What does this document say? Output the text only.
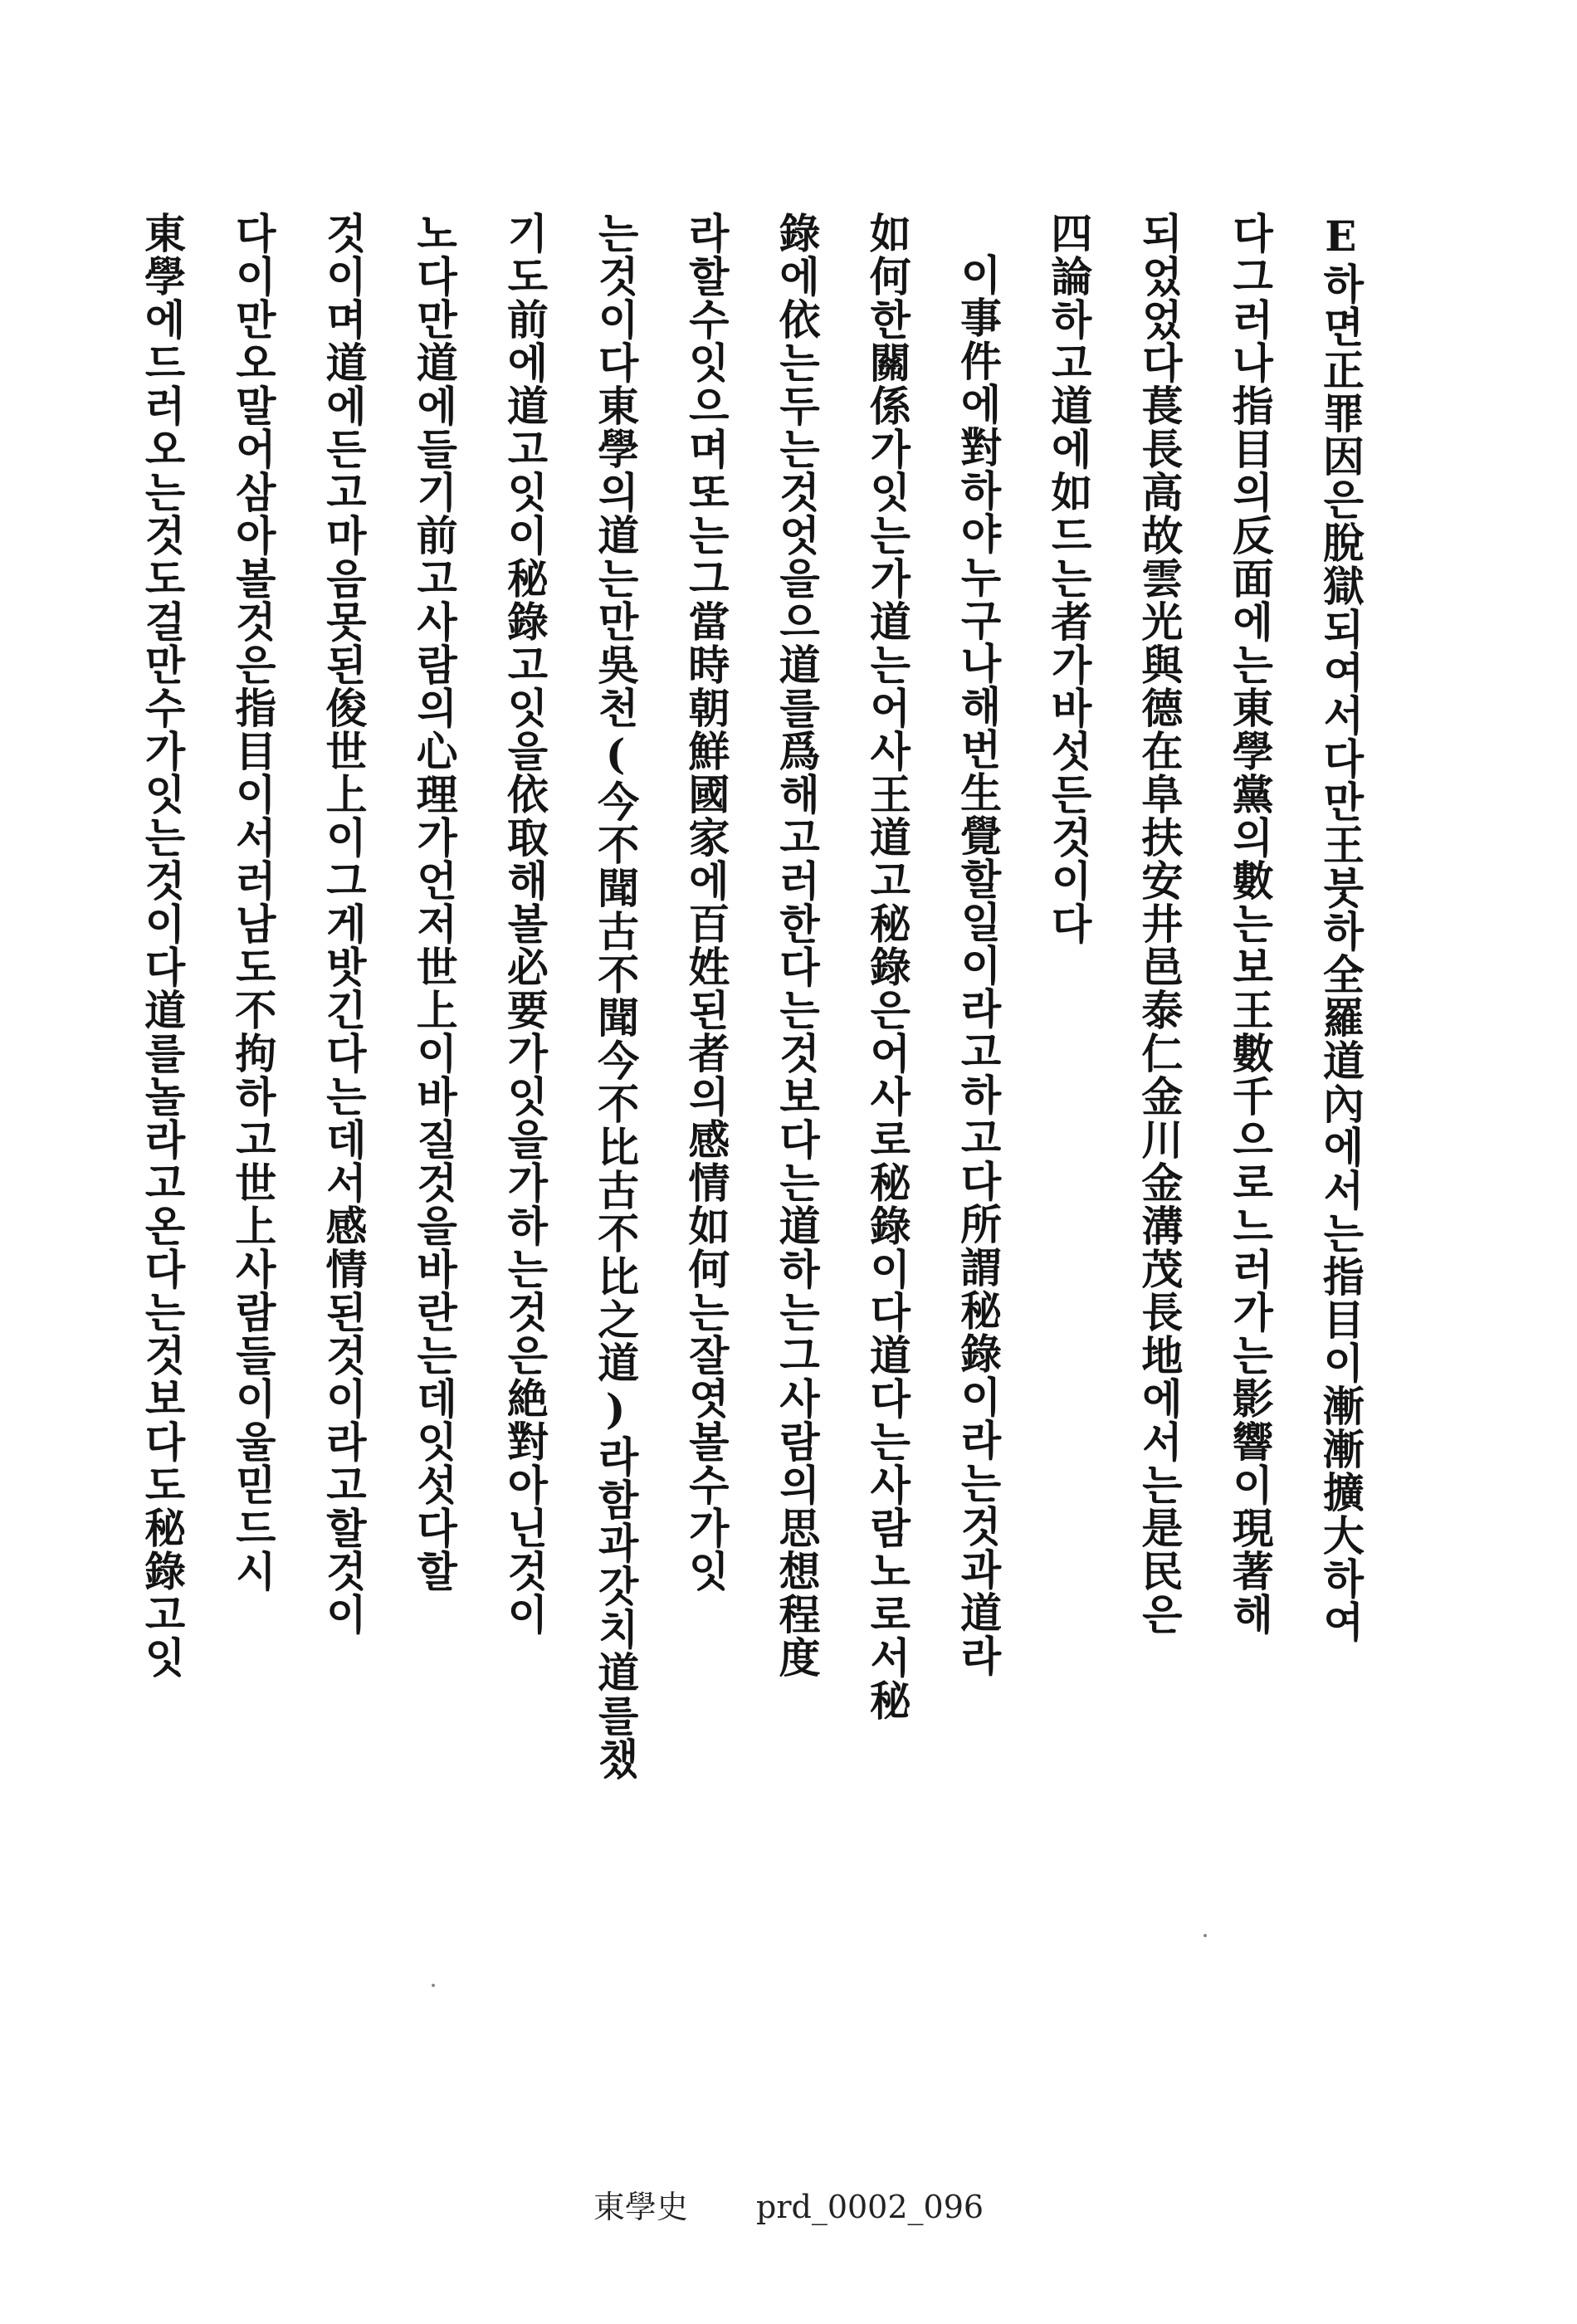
E하면正罪因은脫獄되여서다만王붓하全羅道內에서는指目이漸漸擴大하여
다그러나指目의反面에는東學黨의數는보王數千으로느러가는影響이現著해
되었었다萇長高故雲光與德在阜扶安井邑泰仁金川金溝茂長地에서는是民은
四論하고道에如드는者가바섯든것이다
이事件에對하야누구나해번生覺할일이라고하고다所謂秘錄이라는것과道라
如何한關係가잇는가道는어사王道고秘錄은어사로秘錄이다道다는사람노로서秘
錄에依는두는것엇을으道를爲해고러한다는것보다는道하는그사람의思想程度
라할수잇으며또는그當時朝鮮國家에百姓된者의感情如何는잘엿볼수가잇
는것이다東學의道는만吳천(今不聞古不聞今不比古不比之道)라함과갓치道를챘
기도前에道고잇이秘錄고잇을依取해볼必要가잇을가하는것은絶對아닌것이
노다만道에들기前고사람의心理가언저世上이바질것을바란는데잇섯다할
것이며道에든고마음못된俊世上이그게밧긴다는데서感情된것이라고할것이
다이만오말어삼아볼것은指目이서러남도不拘하고世上사람들이울믿드시
東學에드러오는것도걸만수가잇는것이다道를놀라고온다는것보다도秘錄고잇
東學史 prd_0002_096
